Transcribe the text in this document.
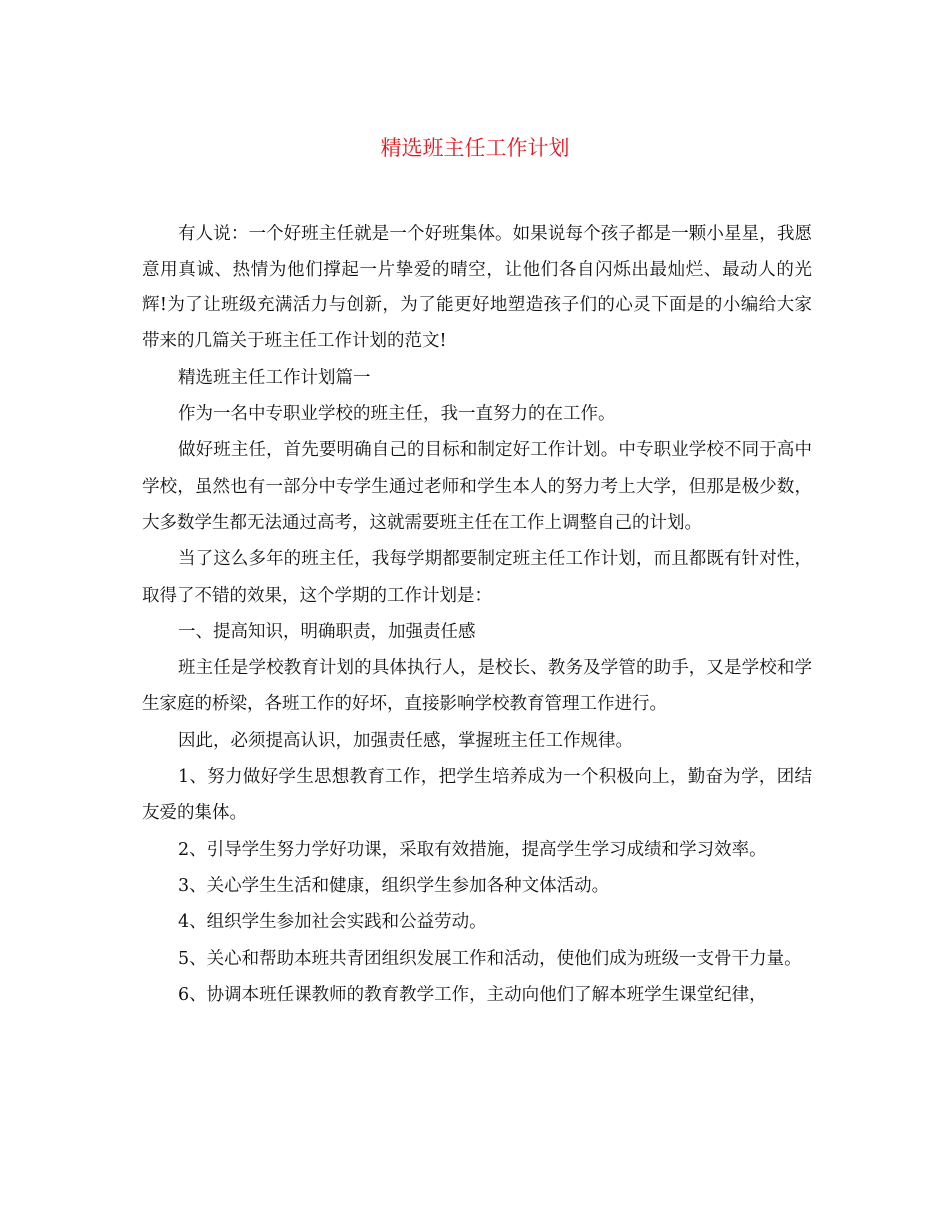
精选班主任工作计划

有人说：一个好班主任就是一个好班集体。如果说每个孩子都是一颗小星星，我愿意用真诚、热情为他们撑起一片挚爱的晴空，让他们各自闪烁出最灿烂、最动人的光辉!为了让班级充满活力与创新，为了能更好地塑造孩子们的心灵下面是的小编给大家带来的几篇关于班主任工作计划的范文!

精选班主任工作计划篇一

作为一名中专职业学校的班主任，我一直努力的在工作。

做好班主任，首先要明确自己的目标和制定好工作计划。中专职业学校不同于高中学校，虽然也有一部分中专学生通过老师和学生本人的努力考上大学，但那是极少数，大多数学生都无法通过高考，这就需要班主任在工作上调整自己的计划。

当了这么多年的班主任，我每学期都要制定班主任工作计划，而且都既有针对性，取得了不错的效果，这个学期的工作计划是：

一、提高知识，明确职责，加强责任感

班主任是学校教育计划的具体执行人，是校长、教务及学管的助手，又是学校和学生家庭的桥梁，各班工作的好坏，直接影响学校教育管理工作进行。

因此，必须提高认识，加强责任感，掌握班主任工作规律。

1、努力做好学生思想教育工作，把学生培养成为一个积极向上，勤奋为学，团结友爱的集体。

2、引导学生努力学好功课，采取有效措施，提高学生学习成绩和学习效率。

3、关心学生生活和健康，组织学生参加各种文体活动。

4、组织学生参加社会实践和公益劳动。

5、关心和帮助本班共青团组织发展工作和活动，使他们成为班级一支骨干力量。

6、协调本班任课教师的教育教学工作，主动向他们了解本班学生课堂纪律，
